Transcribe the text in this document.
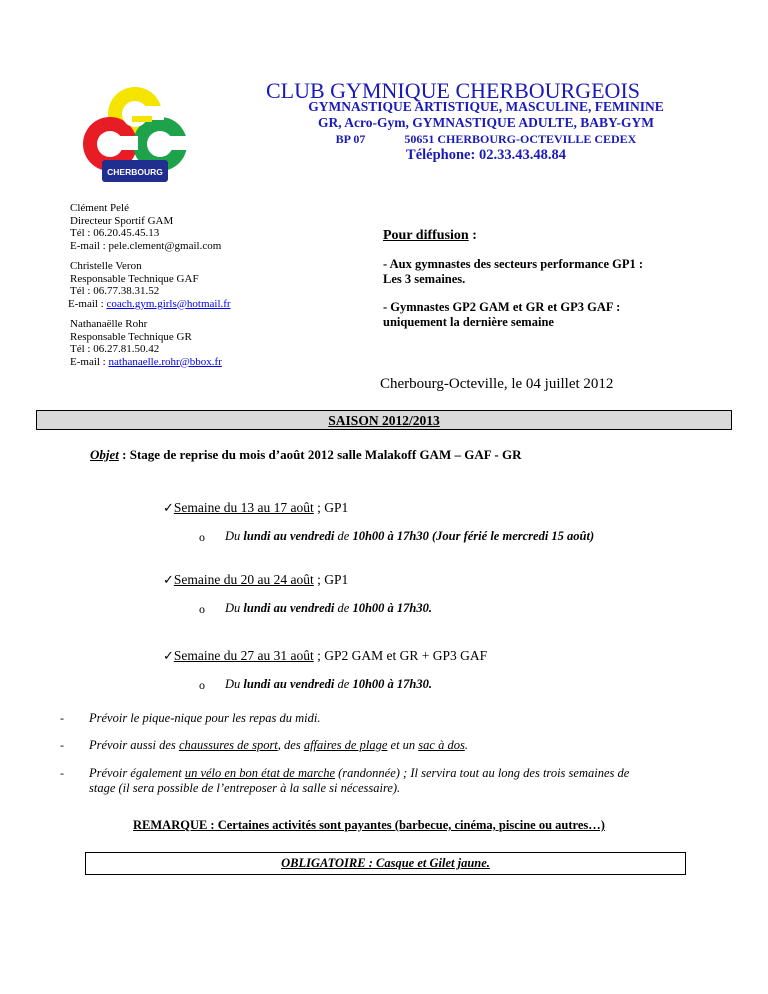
CHERBOURG
CLUB GYMNIQUE CHERBOURGEOIS
GYMNASTIQUE ARTISTIQUE, MASCULINE, FEMININE
GR, Acro-Gym, GYMNASTIQUE ADULTE, BABY-GYM
BP 07	50651 CHERBOURG-OCTEVILLE CEDEX
Téléphone: 02.33.43.48.84
Clément Pelé
Directeur Sportif GAM
Tél : 06.20.45.45.13
E-mail : pele.clement@gmail.com
Christelle Veron
Responsable Technique GAF
Tél : 06.77.38.31.52
E-mail : coach.gym.girls@hotmail.fr
Nathanaëlle Rohr
Responsable Technique GR
Tél : 06.27.81.50.42
E-mail : nathanaelle.rohr@bbox.fr
Pour diffusion :
- Aux gymnastes des secteurs performance GP1 :
Les 3 semaines.
- Gymnastes GP2 GAM et GR et GP3 GAF :
uniquement la dernière semaine
Cherbourg-Octeville, le 04 juillet 2012
SAISON 2012/2013
Objet : Stage de reprise du mois d’août 2012 salle Malakoff GAM – GAF - GR
✓Semaine du 13 au 17 août ; GP1
o Du lundi au vendredi de 10h00 à 17h30 (Jour férié le mercredi 15 août)
✓Semaine du 20 au 24 août ; GP1
o Du lundi au vendredi de 10h00 à 17h30.
✓Semaine du 27 au 31 août ; GP2 GAM et GR + GP3 GAF
o Du lundi au vendredi de 10h00 à 17h30.
- Prévoir le pique-nique pour les repas du midi.
- Prévoir aussi des chaussures de sport, des affaires de plage et un sac à dos.
- Prévoir également un vélo en bon état de marche (randonnée) ; Il servira tout au long des trois semaines de stage (il sera possible de l’entreposer à la salle si nécessaire).
REMARQUE : Certaines activités sont payantes (barbecue, cinéma, piscine ou autres…)
OBLIGATOIRE : Casque et Gilet jaune.
